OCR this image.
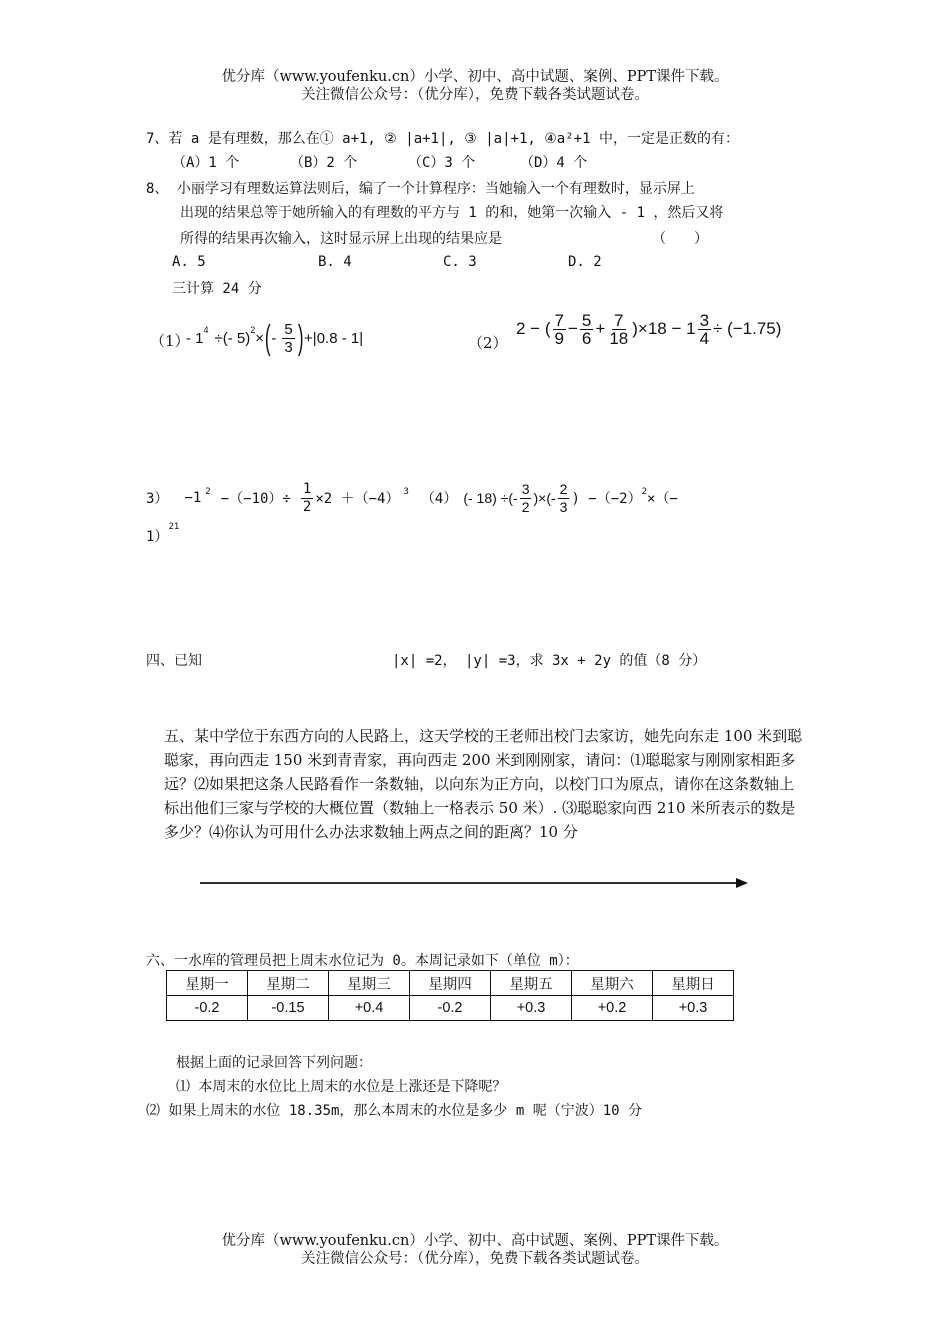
优分库（www.youfenku.cn）小学、初中、高中试题、案例、PPT课件下载。
关注微信公众号：（优分库），免费下载各类试题试卷。
7、若 a 是有理数，那么在① a+1, ② |a+1|, ③ |a|+1, ④a²+1 中，一定是正数的有：
（A）1 个	（B）2 个	（C）3 个	（D）4 个
8、 小丽学习有理数运算法则后，编了一个计算程序：当她输入一个有理数时，显示屏上
出现的结果总等于她所输入的有理数的平方与 1 的和，她第一次输入 - 1 ，然后又将
所得的结果再次输入，这时显示屏上出现的结果应是	（　　）
A. 5	B. 4	C. 3	D. 2
三计算 24 分
（1）
- $1^4$ ÷(- 5)$^2$ × ( - $\frac{5}{3}$ ) +|0.8 - 1|	（2）
2 − ( $\frac{7}{9} - \frac{5}{6} + \frac{7}{18} )\times 18 - 1 \frac{3}{4} \div (-1.75)$
3） −1 $^2 -(-10)\div \frac{1}{2} \times 2 +(-4)$ $^3$ （4） (- 18) ÷(- $\frac{3}{2}$ )×(- $\frac{2}{3}$ ) $-(-2)^2$ ×（−
1）$^{21}$
四、已知	|x| =2， |y| =3，求 3x + 2y 的值（8 分）
五、某中学位于东西方向的人民路上，这天学校的王老师出校门去家访，她先向东走 100 米到聪聪家，再向西走 150 米到青青家，再向西走 200 米到刚刚家，请问：⑴聪聪家与刚刚家相距多远？⑵如果把这条人民路看作一条数轴，以向东为正方向，以校门口为原点，请你在这条数轴上标出他们三家与学校的大概位置（数轴上一格表示 50 米）. ⑶聪聪家向西 210 米所表示的数是多少？⑷你认为可用什么办法求数轴上两点之间的距离？10 分
六、一水库的管理员把上周末水位记为 0。本周记录如下（单位 m）：
星期一	星期二	星期三	星期四	星期五	星期六	星期日
-0.2	-0.15	+0.4	-0.2	+0.3	+0.2	+0.3
根据上面的记录回答下列问题：
⑴ 本周末的水位比上周末的水位是上涨还是下降呢？
⑵ 如果上周末的水位 18.35m，那么本周末的水位是多少 m 呢（宁波）10 分
优分库（www.youfenku.cn）小学、初中、高中试题、案例、PPT课件下载。
关注微信公众号：（优分库），免费下载各类试题试卷。
